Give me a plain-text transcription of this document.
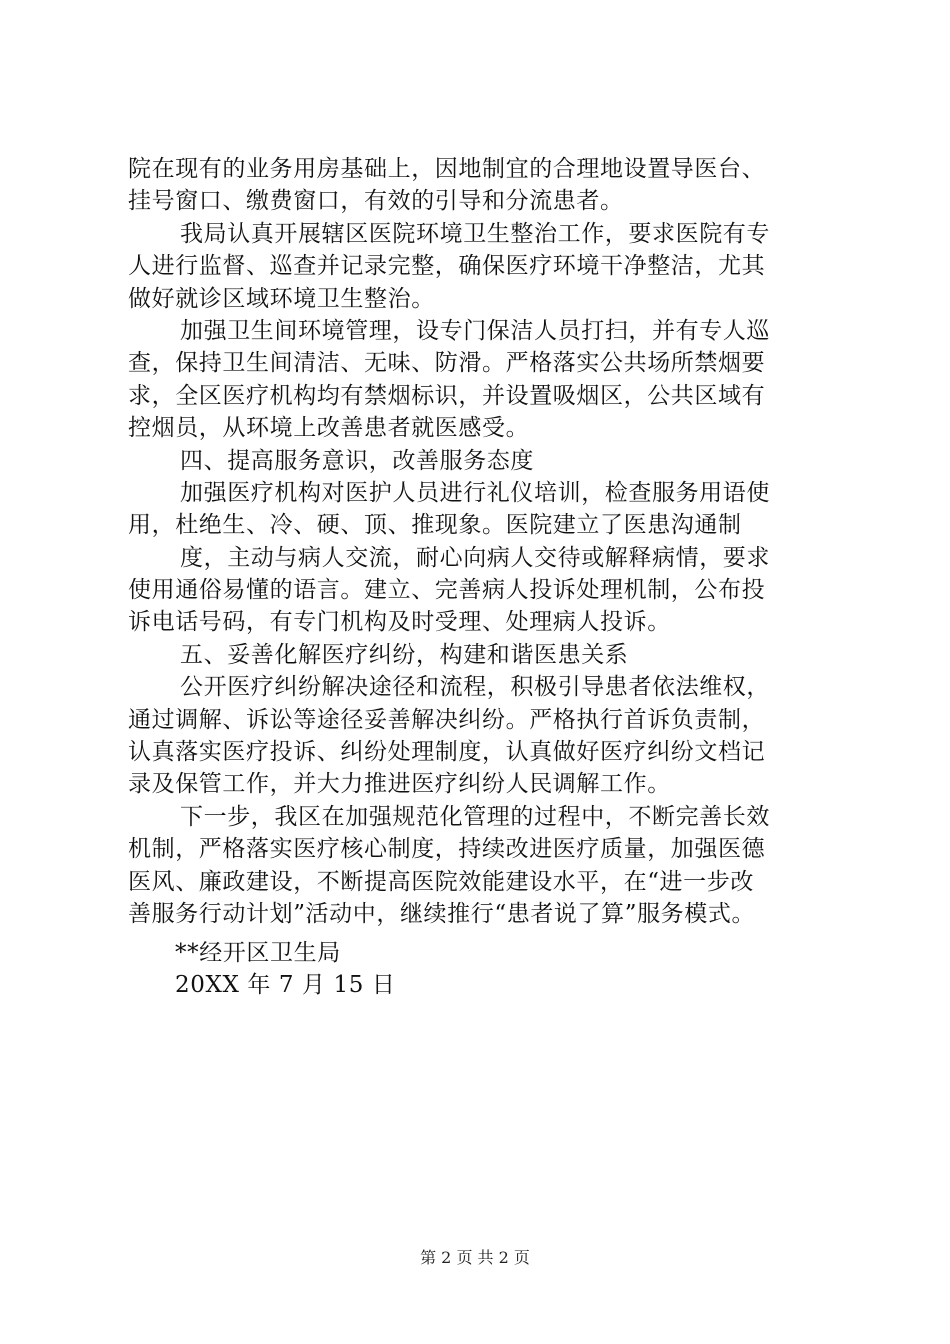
院在现有的业务用房基础上，因地制宜的合理地设置导医台、
挂号窗口、缴费窗口，有效的引导和分流患者。
我局认真开展辖区医院环境卫生整治工作，要求医院有专
人进行监督、巡查并记录完整，确保医疗环境干净整洁，尤其
做好就诊区域环境卫生整治。
加强卫生间环境管理，设专门保洁人员打扫，并有专人巡
查，保持卫生间清洁、无味、防滑。严格落实公共场所禁烟要
求，全区医疗机构均有禁烟标识，并设置吸烟区，公共区域有
控烟员，从环境上改善患者就医感受。
四、提高服务意识，改善服务态度
加强医疗机构对医护人员进行礼仪培训，检查服务用语使
用，杜绝生、冷、硬、顶、推现象。医院建立了医患沟通制
度，主动与病人交流，耐心向病人交待或解释病情，要求
使用通俗易懂的语言。建立、完善病人投诉处理机制，公布投
诉电话号码，有专门机构及时受理、处理病人投诉。
五、妥善化解医疗纠纷，构建和谐医患关系
公开医疗纠纷解决途径和流程，积极引导患者依法维权，
通过调解、诉讼等途径妥善解决纠纷。严格执行首诉负责制，
认真落实医疗投诉、纠纷处理制度，认真做好医疗纠纷文档记
录及保管工作，并大力推进医疗纠纷人民调解工作。
下一步，我区在加强规范化管理的过程中，不断完善长效
机制，严格落实医疗核心制度，持续改进医疗质量，加强医德
医风、廉政建设，不断提高医院效能建设水平，在“进一步改
善服务行动计划”活动中，继续推行“患者说了算”服务模式。
**经开区卫生局
20XX 年 7 月 15 日
第 2 页 共 2 页
